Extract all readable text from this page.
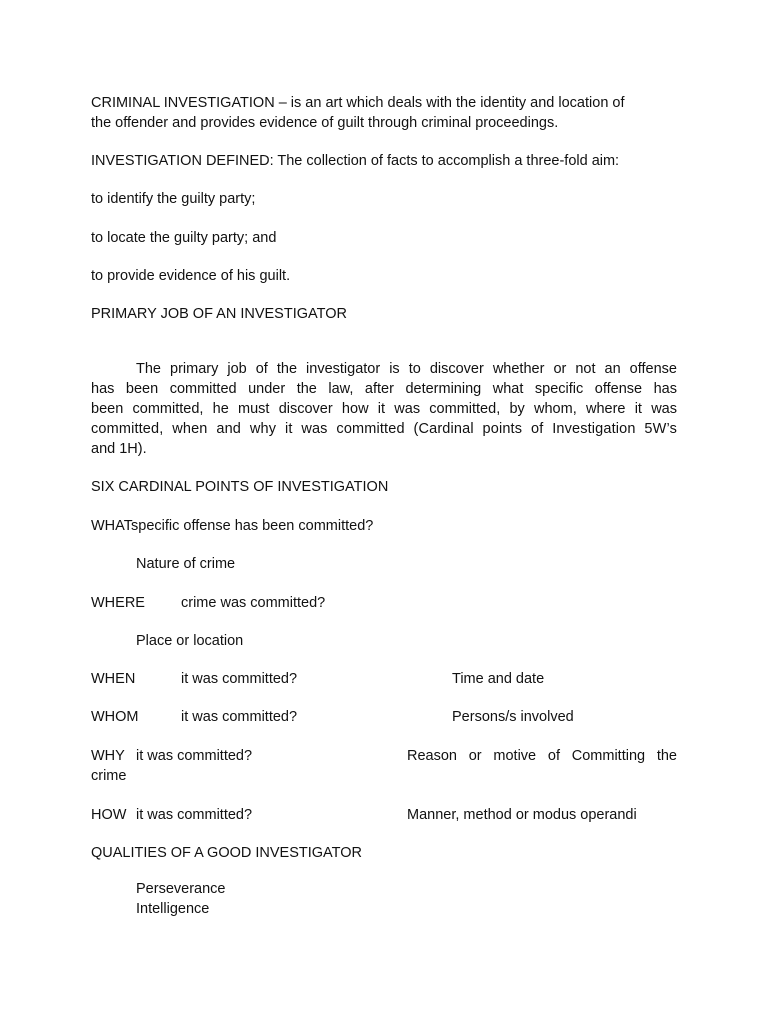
CRIMINAL INVESTIGATION – is an art which deals with the identity and location of
the offender and provides evidence of guilt through criminal proceedings.
INVESTIGATION DEFINED: The collection of facts to accomplish a three-fold aim:
to identify the guilty party;
to locate the guilty party; and
to provide evidence of his guilt.
PRIMARY JOB OF AN INVESTIGATOR
The primary job of the investigator is to discover whether or not an offense
has been committed under the law, after determining what specific offense has
been committed, he must discover how it was committed, by whom, where it was
committed, when and why it was committed (Cardinal points of Investigation 5W’s
and 1H).
SIX CARDINAL POINTS OF INVESTIGATION
WHATspecific offense has been committed?
Nature of crime
WHERE crime was committed?
Place or location
WHEN	it was committed?	Time and date
WHOM	it was committed?	Persons/s involved
WHY it was committed?	Reason or motive of Committing the
crime
HOW it was committed?	Manner, method or modus operandi
QUALITIES OF A GOOD INVESTIGATOR
Perseverance
Intelligence
